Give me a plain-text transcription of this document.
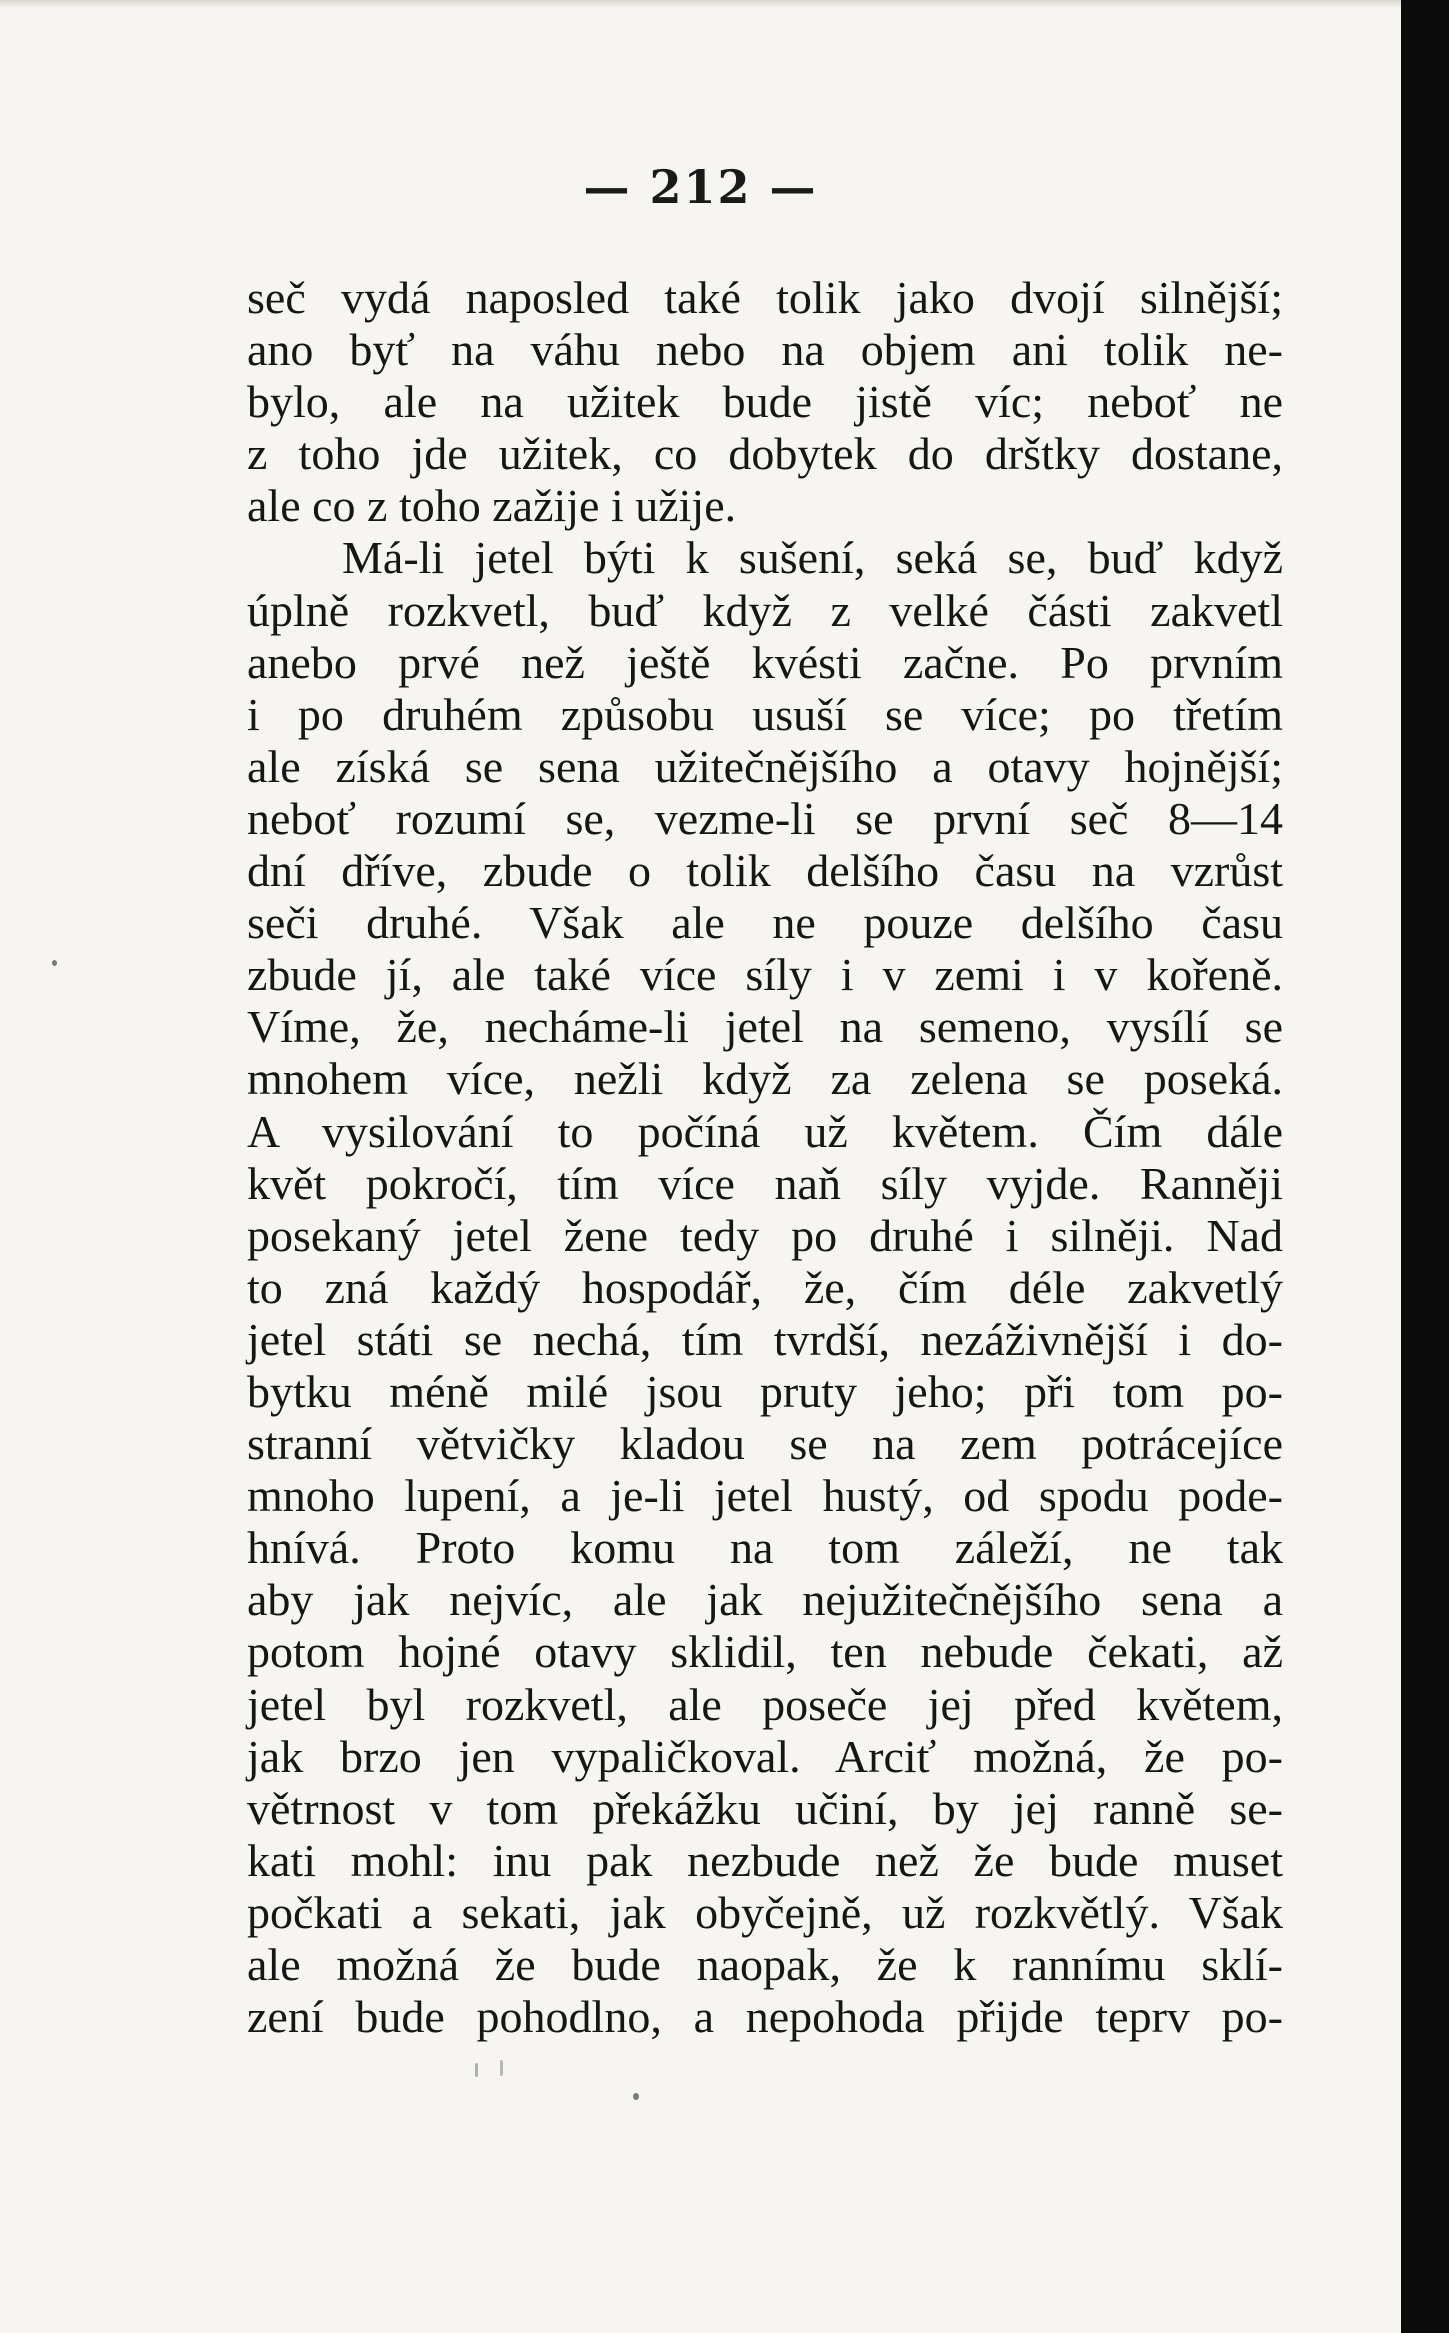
— 212 —
seč vydá naposled také tolik jako dvojí silnější;
ano byť na váhu nebo na objem ani tolik ne-
bylo, ale na užitek bude jistě víc; neboť ne
z toho jde užitek, co dobytek do drštky dostane,
ale co z toho zažije i užije.
Má-li jetel býti k sušení, seká se, buď když
úplně rozkvetl, buď když z velké části zakvetl
anebo prvé než ještě kvésti začne. Po prvním
i po druhém způsobu usuší se více; po třetím
ale získá se sena užitečnějšího a otavy hojnější;
neboť rozumí se, vezme-li se první seč 8—14
dní dříve, zbude o tolik delšího času na vzrůst
seči druhé. Však ale ne pouze delšího času
zbude jí, ale také více síly i v zemi i v kořeně.
Víme, že, necháme-li jetel na semeno, vysílí se
mnohem více, nežli když za zelena se poseká.
A vysilování to počíná už květem. Čím dále
květ pokročí, tím více naň síly vyjde. Ranněji
posekaný jetel žene tedy po druhé i silněji. Nad
to zná každý hospodář, že, čím déle zakvetlý
jetel státi se nechá, tím tvrdší, nezáživnější i do-
bytku méně milé jsou pruty jeho; při tom po-
stranní větvičky kladou se na zem potrácejíce
mnoho lupení, a je-li jetel hustý, od spodu pode-
hnívá. Proto komu na tom záleží, ne tak
aby jak nejvíc, ale jak nejužitečnějšího sena a
potom hojné otavy sklidil, ten nebude čekati, až
jetel byl rozkvetl, ale poseče jej před květem,
jak brzo jen vypaličkoval. Arciť možná, že po-
větrnost v tom překážku učiní, by jej ranně se-
kati mohl: inu pak nezbude než že bude muset
počkati a sekati, jak obyčejně, už rozkvětlý. Však
ale možná že bude naopak, že k rannímu sklí-
zení bude pohodlno, a nepohoda přijde teprv po-
